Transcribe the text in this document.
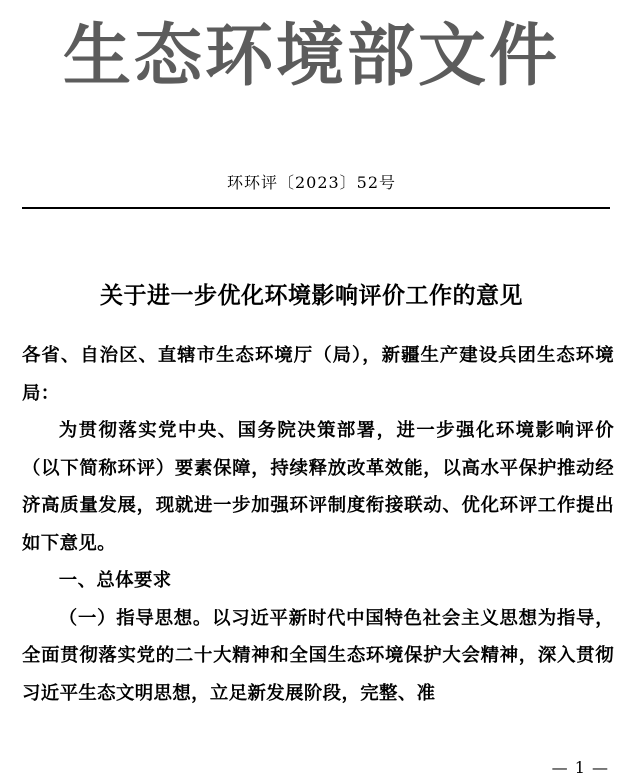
生态环境部文件
环环评〔2023〕52号
关于进一步优化环境影响评价工作的意见

各省、自治区、直辖市生态环境厅（局），新疆生产建设兵团生态环境局：

为贯彻落实党中央、国务院决策部署，进一步强化环境影响评价（以下简称环评）要素保障，持续释放改革效能，以高水平保护推动经济高质量发展，现就进一步加强环评制度衔接联动、优化环评工作提出如下意见。

一、总体要求

（一）指导思想。以习近平新时代中国特色社会主义思想为指导，全面贯彻落实党的二十大精神和全国生态环境保护大会精神，深入贯彻习近平生态文明思想，立足新发展阶段，完整、准

— 1 —
